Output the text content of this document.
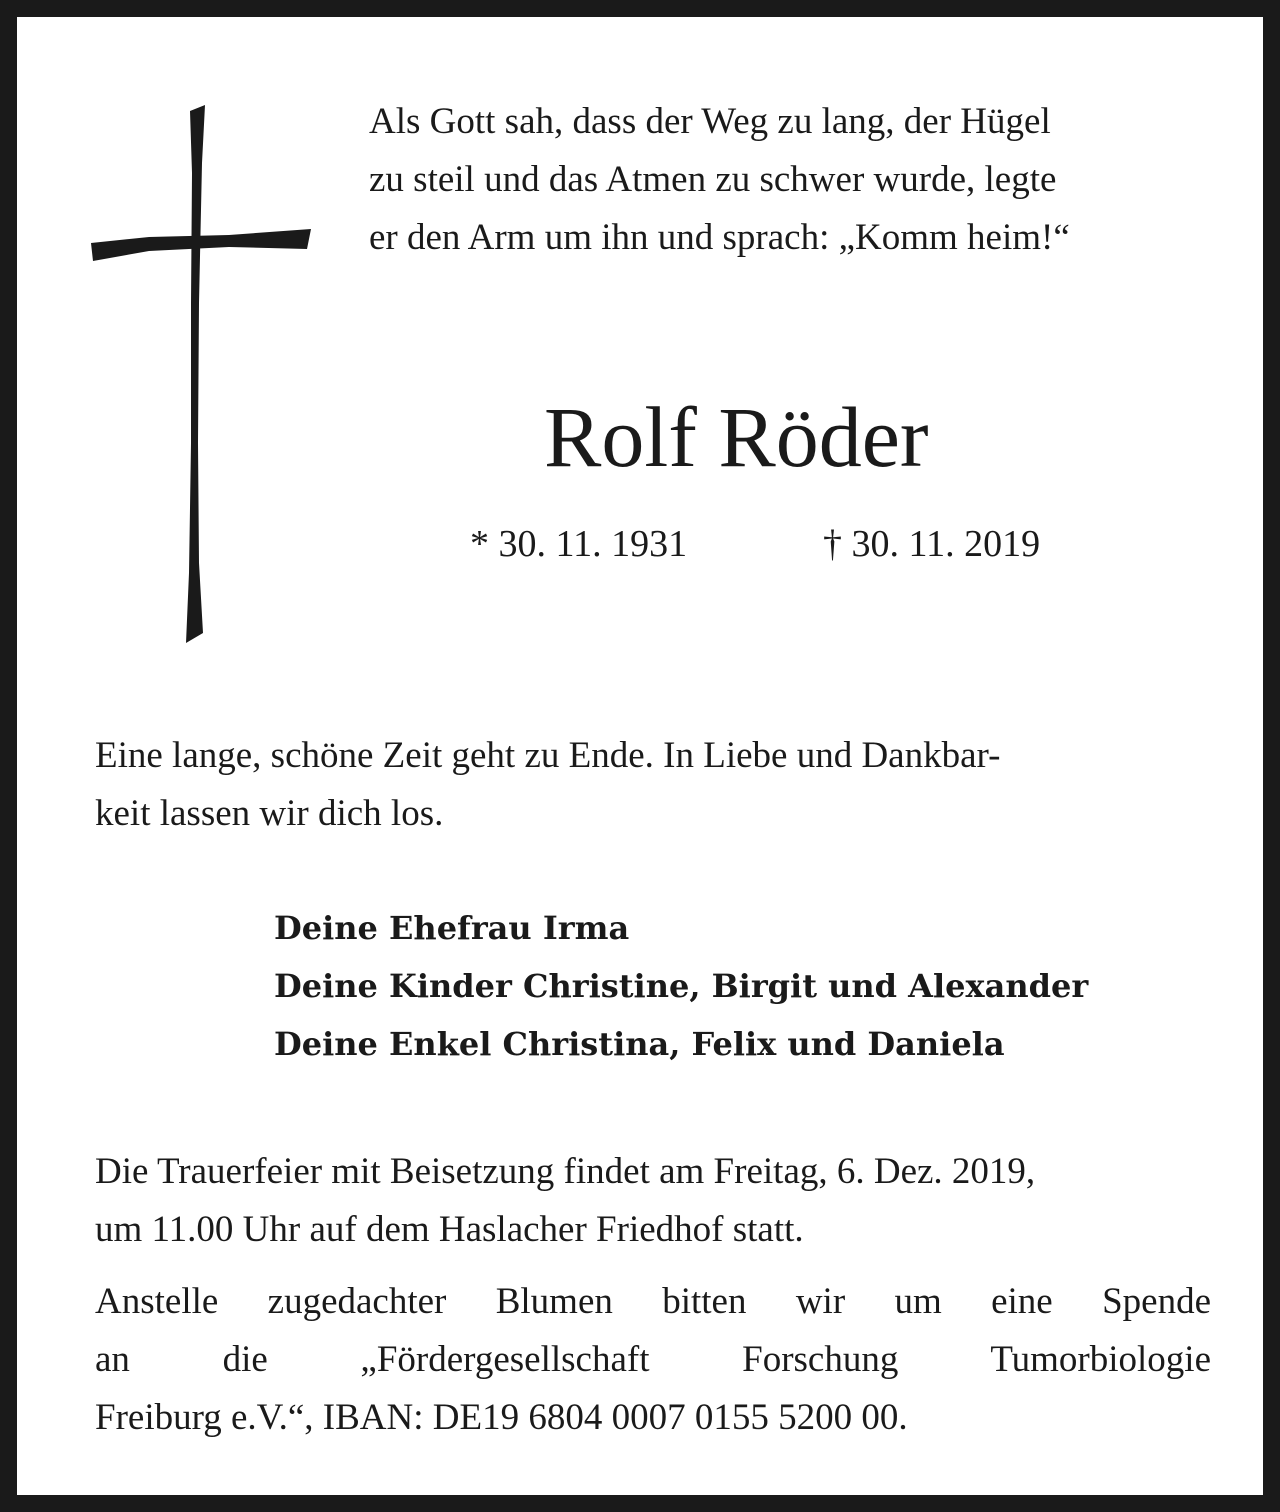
Als Gott sah, dass der Weg zu lang, der Hügel
zu steil und das Atmen zu schwer wurde, legte
er den Arm um ihn und sprach: „Komm heim!“

Rolf Röder
* 30. 11. 1931	† 30. 11. 2019

Eine lange, schöne Zeit geht zu Ende. In Liebe und Dankbar-
keit lassen wir dich los.

Deine Ehefrau Irma
Deine Kinder Christine, Birgit und Alexander
Deine Enkel Christina, Felix und Daniela

Die Trauerfeier mit Beisetzung findet am Freitag, 6. Dez. 2019,
um 11.00 Uhr auf dem Haslacher Friedhof statt.

Anstelle zugedachter Blumen bitten wir um eine Spende
an die „Fördergesellschaft Forschung Tumorbiologie
Freiburg e.V.“, IBAN: DE19 6804 0007 0155 5200 00.
